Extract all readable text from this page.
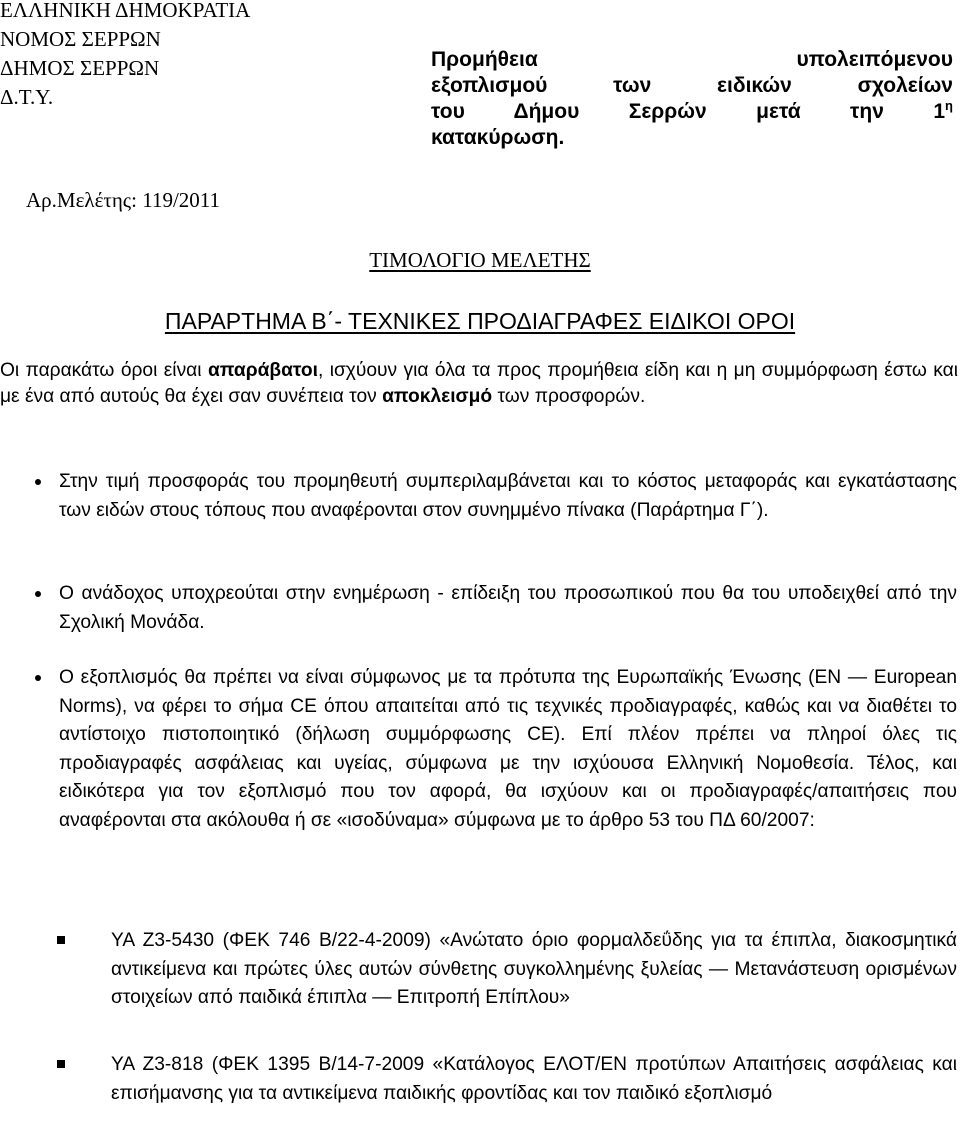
ΕΛΛΗΝΙΚΗ ΔΗΜΟΚΡΑΤΙΑ
ΝΟΜΟΣ ΣΕΡΡΩΝ
ΔΗΜΟΣ ΣΕΡΡΩΝ
Δ.Τ.Υ.
Προμήθεια υπολειπόμενου
εξοπλισμού των ειδικών σχολείων
του Δήμου Σερρών μετά την $1^\eta$
κατακύρωση.
Αρ.Μελέτης: 119/2011
ΤΙΜΟΛΟΓΙΟ ΜΕΛΕΤΗΣ
ΠΑΡΑΡΤΗΜΑ Β΄- ΤΕΧΝΙΚΕΣ ΠΡΟΔΙΑΓΡΑΦΕΣ ΕΙΔΙΚΟΙ ΟΡΟΙ
Οι παρακάτω όροι είναι απαράβατοι, ισχύουν για όλα τα προς προμήθεια είδη και η μη συμμόρφωση έστω και με ένα από αυτούς θα έχει σαν συνέπεια τον αποκλεισμό των προσφορών.
Στην τιμή προσφοράς του προμηθευτή συμπεριλαμβάνεται και το κόστος μεταφοράς και εγκατάστασης των ειδών στους τόπους που αναφέρονται στον συνημμένο πίνακα (Παράρτημα Γ΄).
Ο ανάδοχος υποχρεούται στην ενημέρωση - επίδειξη του προσωπικού που θα του υποδειχθεί από την Σχολική Μονάδα.
Ο εξοπλισμός θα πρέπει να είναι σύμφωνος με τα πρότυπα της Ευρωπαϊκής Ένωσης (EN — European Norms), να φέρει το σήμα CE όπου απαιτείται από τις τεχνικές προδιαγραφές, καθώς και να διαθέτει το αντίστοιχο πιστοποιητικό (δήλωση συμμόρφωσης CE). Επί πλέον πρέπει να πληροί όλες τις προδιαγραφές ασφάλειας και υγείας, σύμφωνα με την ισχύουσα Ελληνική Νομοθεσία. Τέλος, και ειδικότερα για τον εξοπλισμό που τον αφορά, θα ισχύουν και οι προδιαγραφές/απαιτήσεις που αναφέρονται στα ακόλουθα ή σε «ισοδύναμα» σύμφωνα με το άρθρο 53 του ΠΔ 60/2007:
ΥΑ Ζ3-5430 (ΦΕΚ 746 Β/22-4-2009) «Ανώτατο όριο φορμαλδεΰδης για τα έπιπλα, διακοσμητικά αντικείμενα και πρώτες ύλες αυτών σύνθετης συγκολλημένης ξυλείας — Μετανάστευση ορισμένων στοιχείων από παιδικά έπιπλα — Επιτροπή Επίπλου»
ΥΑ Ζ3-818 (ΦΕΚ 1395 Β/14-7-2009 «Κατάλογος ΕΛΟΤ/ΕΝ προτύπων Απαιτήσεις ασφάλειας και επισήμανσης για τα αντικείμενα παιδικής φροντίδας και τον παιδικό εξοπλισμό
